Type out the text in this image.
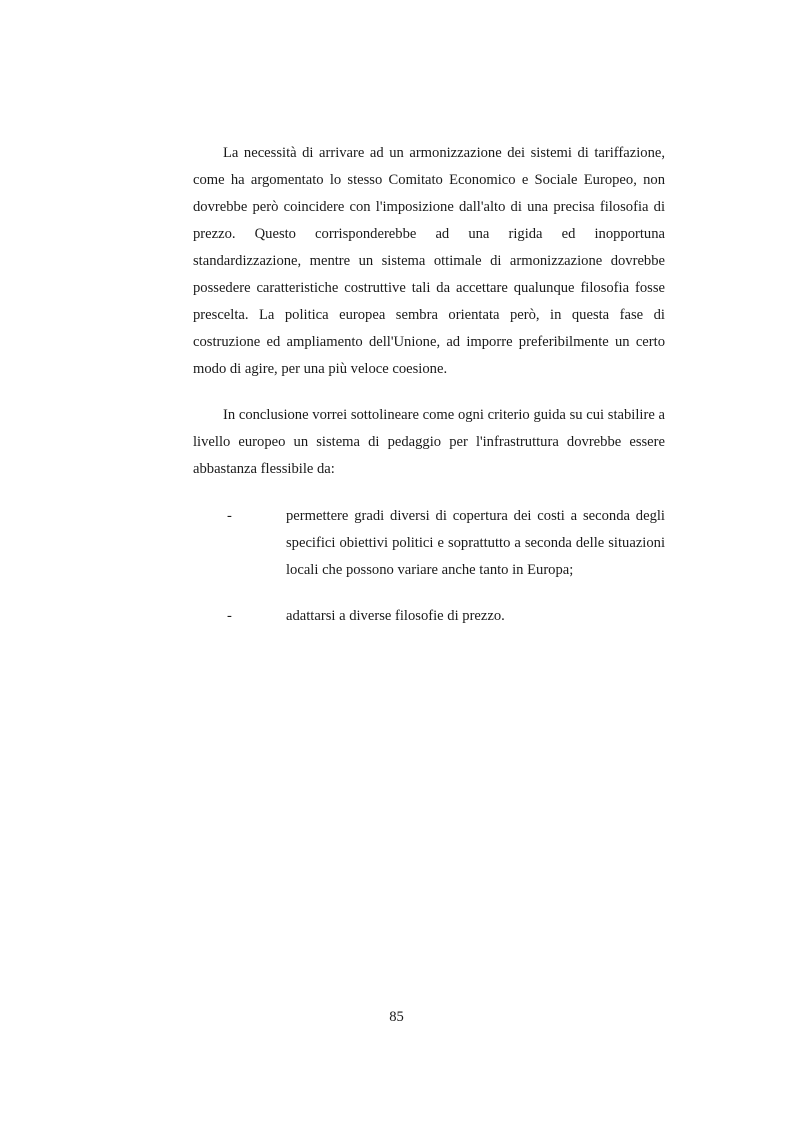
La necessità di arrivare ad un armonizzazione dei sistemi di tariffazione, come ha argomentato lo stesso Comitato Economico e Sociale Europeo, non dovrebbe però coincidere con l'imposizione dall'alto di una precisa filosofia di prezzo. Questo corrisponderebbe ad una rigida ed inopportuna standardizzazione, mentre un sistema ottimale di armonizzazione dovrebbe possedere caratteristiche costruttive tali da accettare qualunque filosofia fosse prescelta. La politica europea sembra orientata però, in questa fase di costruzione ed ampliamento dell'Unione, ad imporre preferibilmente un certo modo di agire, per una più veloce coesione.

In conclusione vorrei sottolineare come ogni criterio guida su cui stabilire a livello europeo un sistema di pedaggio per l'infrastruttura dovrebbe essere abbastanza flessibile da:

-	permettere gradi diversi di copertura dei costi a seconda degli specifici obiettivi politici e soprattutto a seconda delle situazioni locali che possono variare anche tanto in Europa;
-	adattarsi a diverse filosofie di prezzo.
85
